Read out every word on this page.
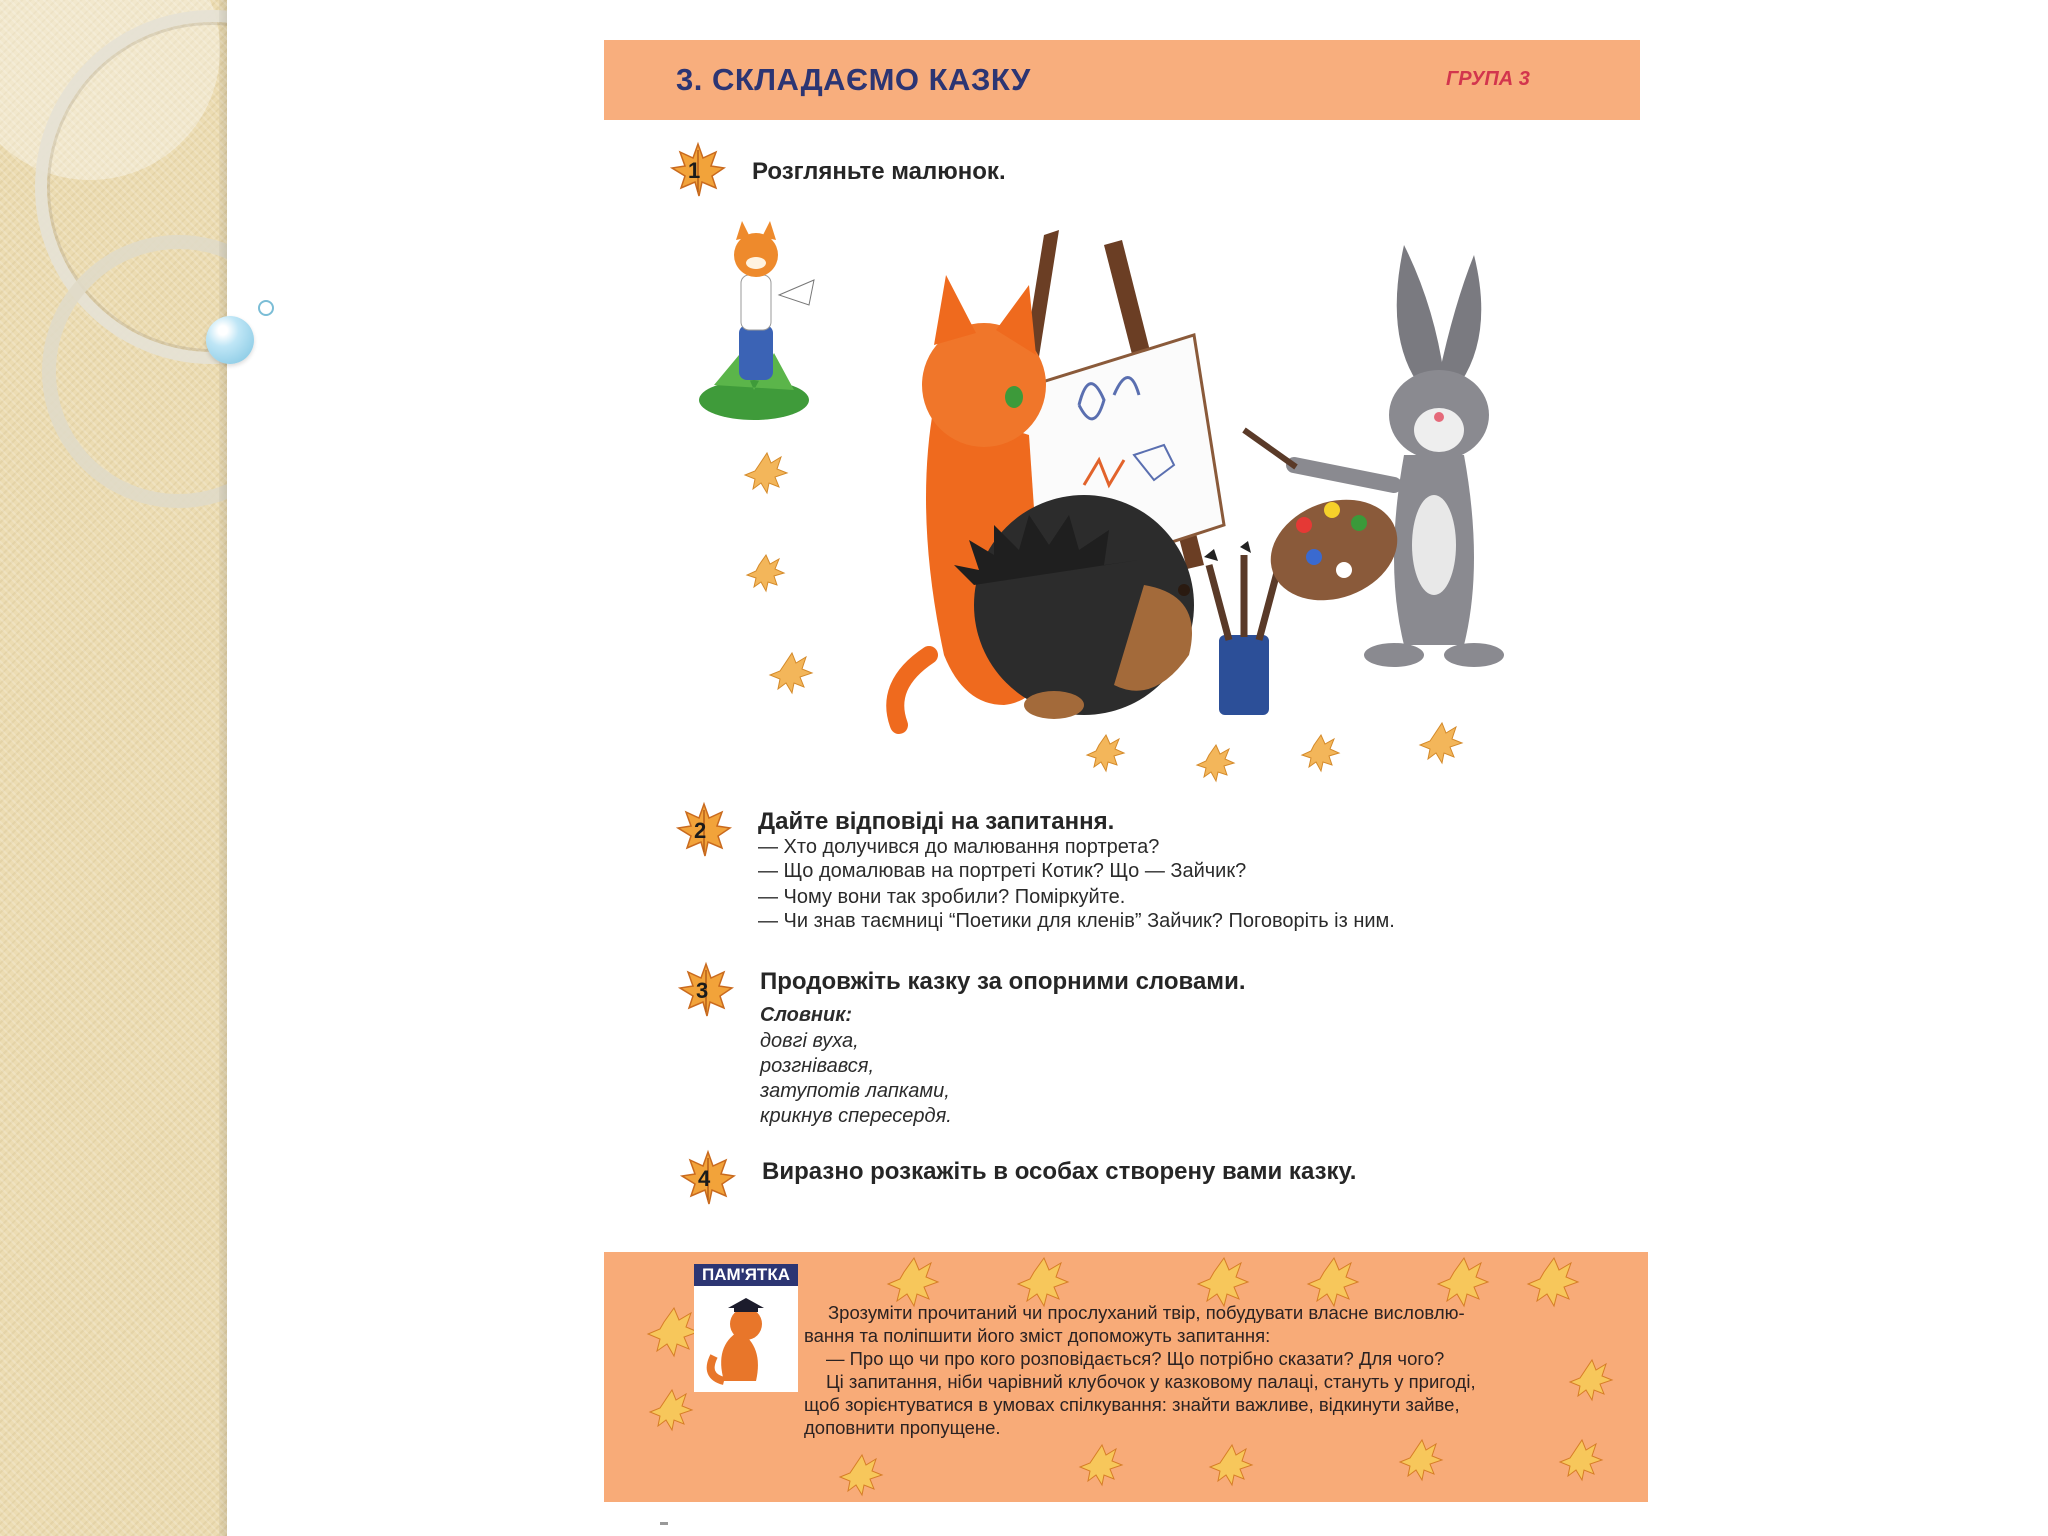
3. СКЛАДАЄМО КАЗКУ	ГРУПА 3
1 Розгляньте малюнок.
2 Дайте відповіді на запитання.
— Хто долучився до малювання портрета?
— Що домалював на портреті Котик? Що — Зайчик?
— Чому вони так зробили? Поміркуйте.
— Чи знав таємниці “Поетики для кленів” Зайчик? Поговоріть із ним.
3 Продовжіть казку за опорними словами.
Словник:
довгі вуха,
розгнівався,
затупотів лапками,
крикнув спересердя.
4 Виразно розкажіть в особах створену вами казку.
ПАМ'ЯТКА
Зрозуміти прочитаний чи прослуханий твір, побудувати власне висловлю-
вання та поліпшити його зміст допоможуть запитання:
— Про що чи про кого розповідається? Що потрібно сказати? Для чого?
Ці запитання, ніби чарівний клубочок у казковому палаці, стануть у пригоді,
щоб зорієнтуватися в умовах спілкування: знайти важливе, відкинути зайве,
доповнити пропущене.
